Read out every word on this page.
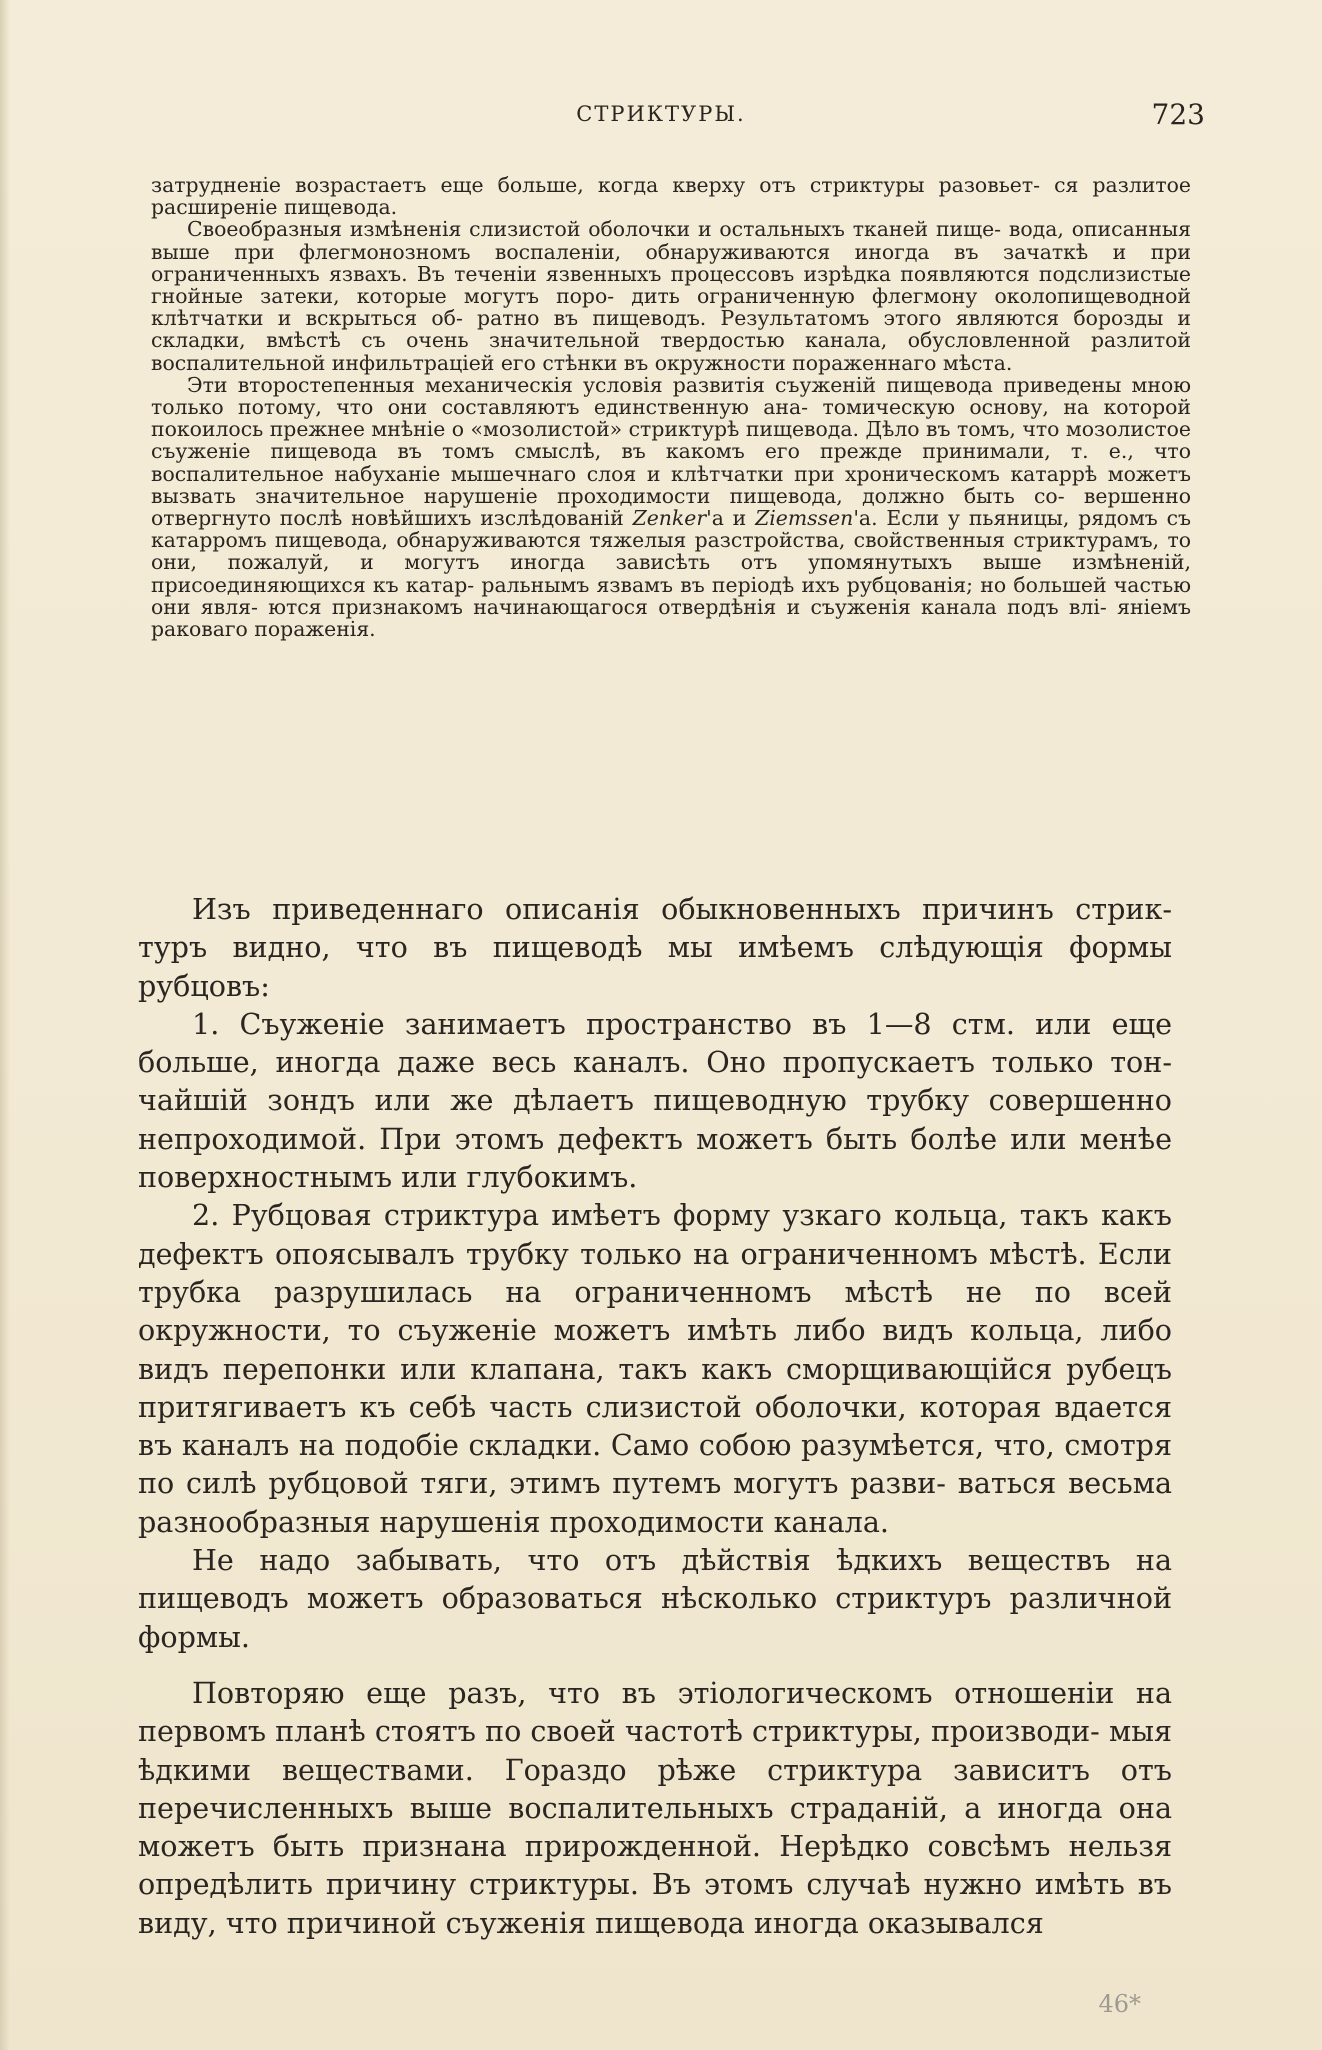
СТРИКТУРЫ.	723

затрудненіе возрастаетъ еще больше, когда кверху отъ стриктуры разовьет- ся разлитое расширеніе пищевода.

Своеобразныя измѣненія слизистой оболочки и остальныхъ тканей пище- вода, описанныя выше при флегмонозномъ воспаленіи, обнаруживаются иногда въ зачаткѣ и при ограниченныхъ язвахъ. Въ теченіи язвенныхъ процессовъ изрѣдка появляются подслизистые гнойные затеки, которые могутъ поро- дить ограниченную флегмону околопищеводной клѣтчатки и вскрыться об- ратно въ пищеводъ. Результатомъ этого являются борозды и складки, вмѣстѣ съ очень значительной твердостью канала, обусловленной разлитой воспалительной инфильтраціей его стѣнки въ окружности пораженнаго мѣста.

Эти второстепенныя механическія условія развитія съуженій пищевода приведены мною только потому, что они составляютъ единственную ана- томическую основу, на которой покоилось прежнее мнѣніе о «мозолистой» стриктурѣ пищевода. Дѣло въ томъ, что мозолистое съуженіе пищевода въ томъ смыслѣ, въ какомъ его прежде принимали, т. е., что воспалительное набуханіе мышечнаго слоя и клѣтчатки при хроническомъ катаррѣ можетъ вызвать значительное нарушеніе проходимости пищевода, должно быть со- вершенно отвергнуто послѣ новѣйшихъ изслѣдованій Zenker'а и Ziemssen'а. Если у пьяницы, рядомъ съ катарромъ пищевода, обнаруживаются тяжелыя разстройства, свойственныя стриктурамъ, то они, пожалуй, и могутъ иногда зависѣть отъ упомянутыхъ выше измѣненій, присоединяющихся къ катар- ральнымъ язвамъ въ періодѣ ихъ рубцованія; но большей частью они явля- ются признакомъ начинающагося отвердѣнія и съуженія канала подъ влі- яніемъ раковаго пораженія.

Изъ приведеннаго описанія обыкновенныхъ причинъ стрик- туръ видно, что въ пищеводѣ мы имѣемъ слѣдующія формы рубцовъ:

1. Съуженіе занимаетъ пространство въ 1—8 стм. или еще больше, иногда даже весь каналъ. Оно пропускаетъ только тон- чайшій зондъ или же дѣлаетъ пищеводную трубку совершенно непроходимой. При этомъ дефектъ можетъ быть болѣе или менѣе поверхностнымъ или глубокимъ.

2. Рубцовая стриктура имѣетъ форму узкаго кольца, такъ какъ дефектъ опоясывалъ трубку только на ограниченномъ мѣстѣ. Если трубка разрушилась на ограниченномъ мѣстѣ не по всей окружности, то съуженіе можетъ имѣть либо видъ кольца, либо видъ перепонки или клапана, такъ какъ сморщивающійся рубецъ притягиваетъ къ себѣ часть слизистой оболочки, которая вдается въ каналъ на подобіе складки. Само собою разумѣется, что, смотря по силѣ рубцовой тяги, этимъ путемъ могутъ разви- ваться весьма разнообразныя нарушенія проходимости канала.

Не надо забывать, что отъ дѣйствія ѣдкихъ веществъ на пищеводъ можетъ образоваться нѣсколько стриктуръ различной формы.

Повторяю еще разъ, что въ этіологическомъ отношеніи на первомъ планѣ стоятъ по своей частотѣ стриктуры, производи- мыя ѣдкими веществами. Гораздо рѣже стриктура зависитъ отъ перечисленныхъ выше воспалительныхъ страданій, а иногда она можетъ быть признана прирожденной. Нерѣдко совсѣмъ нельзя опредѣлить причину стриктуры. Въ этомъ случаѣ нужно имѣть въ виду, что причиной съуженія пищевода иногда оказывался

46*
